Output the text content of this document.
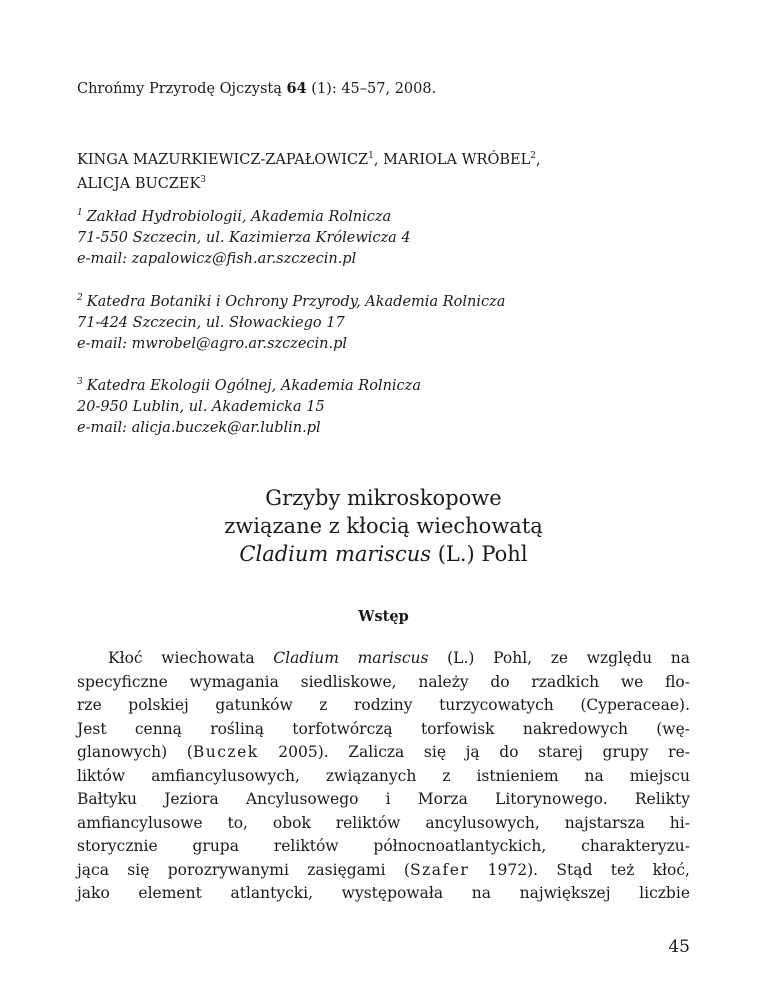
Chrońmy Przyrodę Ojczystą 64 (1): 45–57, 2008.
KINGA MAZURKIEWICZ-ZAPAŁOWICZ$^1$, MARIOLA WRÓBEL$^2$,
ALICJA BUCZEK$^3$
$^1$ Zakład Hydrobiologii, Akademia Rolnicza
71-550 Szczecin, ul. Kazimierza Królewicza 4
e-mail: zapalowicz@fish.ar.szczecin.pl
$^2$ Katedra Botaniki i Ochrony Przyrody, Akademia Rolnicza
71-424 Szczecin, ul. Słowackiego 17
e-mail: mwrobel@agro.ar.szczecin.pl
$^3$ Katedra Ekologii Ogólnej, Akademia Rolnicza
20-950 Lublin, ul. Akademicka 15
e-mail: alicja.buczek@ar.lublin.pl
Grzyby mikroskopowe
związane z kłocią wiechowatą
Cladium mariscus (L.) Pohl
Wstęp
Kłoć wiechowata Cladium mariscus (L.) Pohl, ze względu na
specyficzne wymagania siedliskowe, należy do rzadkich we flo-
rze polskiej gatunków z rodziny turzycowatych (Cyperaceae).
Jest cenną rośliną torfotwórczą torfowisk nakredowych (wę-
glanowych) (Buczek 2005). Zalicza się ją do starej grupy re-
liktów amfiancylusowych, związanych z istnieniem na miejscu
Bałtyku Jeziora Ancylusowego i Morza Litorynowego. Relikty
amfiancylusowe to, obok reliktów ancylusowych, najstarsza hi-
storycznie grupa reliktów północnoatlantyckich, charakteryzu-
jąca się porozrywanymi zasięgami (Szafer 1972). Stąd też kłoć,
jako element atlantycki, występowała na największej liczbie
45
